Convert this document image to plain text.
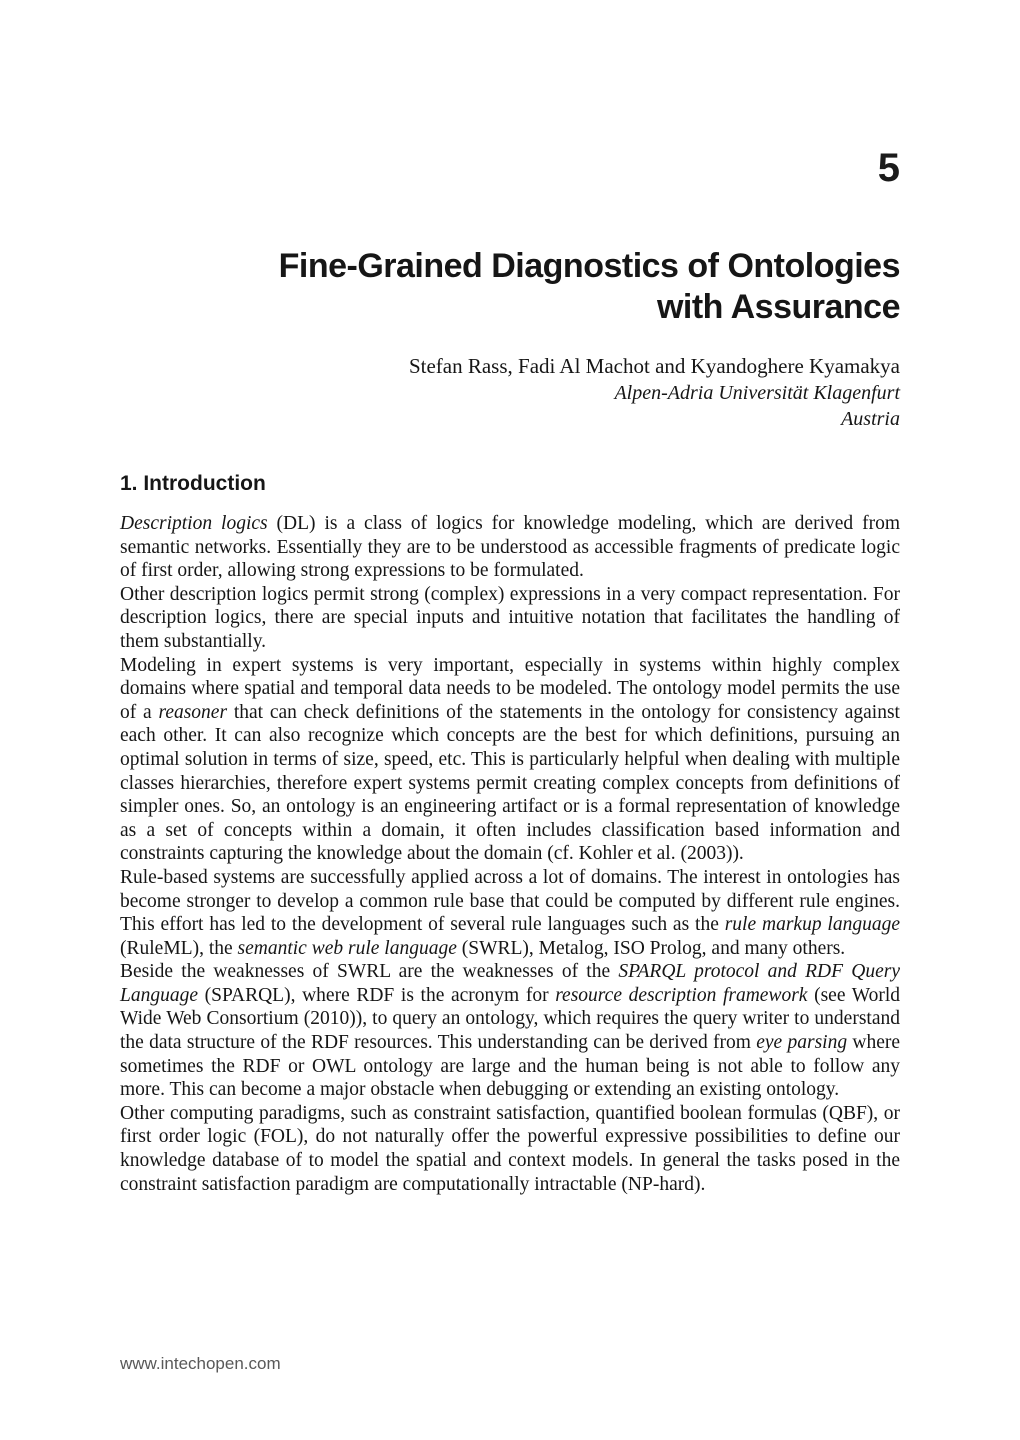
5
Fine-Grained Diagnostics of Ontologies
with Assurance
Stefan Rass, Fadi Al Machot and Kyandoghere Kyamakya
Alpen-Adria Universität Klagenfurt
Austria
1. Introduction

Description logics (DL) is a class of logics for knowledge modeling, which are derived from semantic networks. Essentially they are to be understood as accessible fragments of predicate logic of first order, allowing strong expressions to be formulated.

Other description logics permit strong (complex) expressions in a very compact representation. For description logics, there are special inputs and intuitive notation that facilitates the handling of them substantially.

Modeling in expert systems is very important, especially in systems within highly complex domains where spatial and temporal data needs to be modeled. The ontology model permits the use of a reasoner that can check definitions of the statements in the ontology for consistency against each other. It can also recognize which concepts are the best for which definitions, pursuing an optimal solution in terms of size, speed, etc. This is particularly helpful when dealing with multiple classes hierarchies, therefore expert systems permit creating complex concepts from definitions of simpler ones. So, an ontology is an engineering artifact or is a formal representation of knowledge as a set of concepts within a domain, it often includes classification based information and constraints capturing the knowledge about the domain (cf. Kohler et al. (2003)).

Rule-based systems are successfully applied across a lot of domains. The interest in ontologies has become stronger to develop a common rule base that could be computed by different rule engines. This effort has led to the development of several rule languages such as the rule markup language (RuleML), the semantic web rule language (SWRL), Metalog, ISO Prolog, and many others.

Beside the weaknesses of SWRL are the weaknesses of the SPARQL protocol and RDF Query Language (SPARQL), where RDF is the acronym for resource description framework (see World Wide Web Consortium (2010)), to query an ontology, which requires the query writer to understand the data structure of the RDF resources. This understanding can be derived from eye parsing where sometimes the RDF or OWL ontology are large and the human being is not able to follow any more. This can become a major obstacle when debugging or extending an existing ontology.

Other computing paradigms, such as constraint satisfaction, quantified boolean formulas (QBF), or first order logic (FOL), do not naturally offer the powerful expressive possibilities to define our knowledge database of to model the spatial and context models. In general the tasks posed in the constraint satisfaction paradigm are computationally intractable (NP-hard).

www.intechopen.com
